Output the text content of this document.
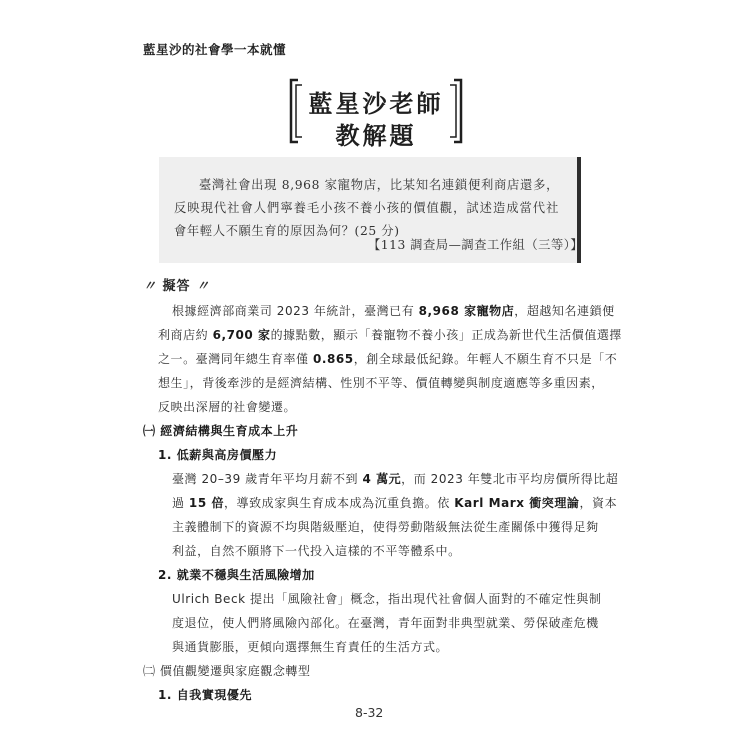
藍星沙的社會學一本就懂
藍星沙老師
教解題
臺灣社會出現 8,968 家寵物店，比某知名連鎖便利商店還多，反映現代社會人們寧養毛小孩不養小孩的價值觀，試述造成當代社會年輕人不願生育的原因為何？(25 分)
【113 調查局—調查工作組（三等）】
〃 擬答 〃
根據經濟部商業司 2023 年統計，臺灣已有 8,968 家寵物店，超越知名連鎖便
利商店約 6,700 家的據點數，顯示「養寵物不養小孩」正成為新世代生活價值選擇
之一。臺灣同年總生育率僅 0.865，創全球最低紀錄。年輕人不願生育不只是「不
想生」，背後牽涉的是經濟結構、性別不平等、價值轉變與制度適應等多重因素，
反映出深層的社會變遷。
㈠ 經濟結構與生育成本上升
1. 低薪與高房價壓力
臺灣 20–39 歲青年平均月薪不到 4 萬元，而 2023 年雙北市平均房價所得比超
過 15 倍，導致成家與生育成本成為沉重負擔。依 Karl Marx 衝突理論，資本
主義體制下的資源不均與階級壓迫，使得勞動階級無法從生產關係中獲得足夠
利益，自然不願將下一代投入這樣的不平等體系中。
2. 就業不穩與生活風險增加
Ulrich Beck 提出「風險社會」概念，指出現代社會個人面對的不確定性與制
度退位，使人們將風險內部化。在臺灣，青年面對非典型就業、勞保破產危機
與通貨膨脹，更傾向選擇無生育責任的生活方式。
㈡ 價值觀變遷與家庭觀念轉型
1. 自我實現優先
8-32
